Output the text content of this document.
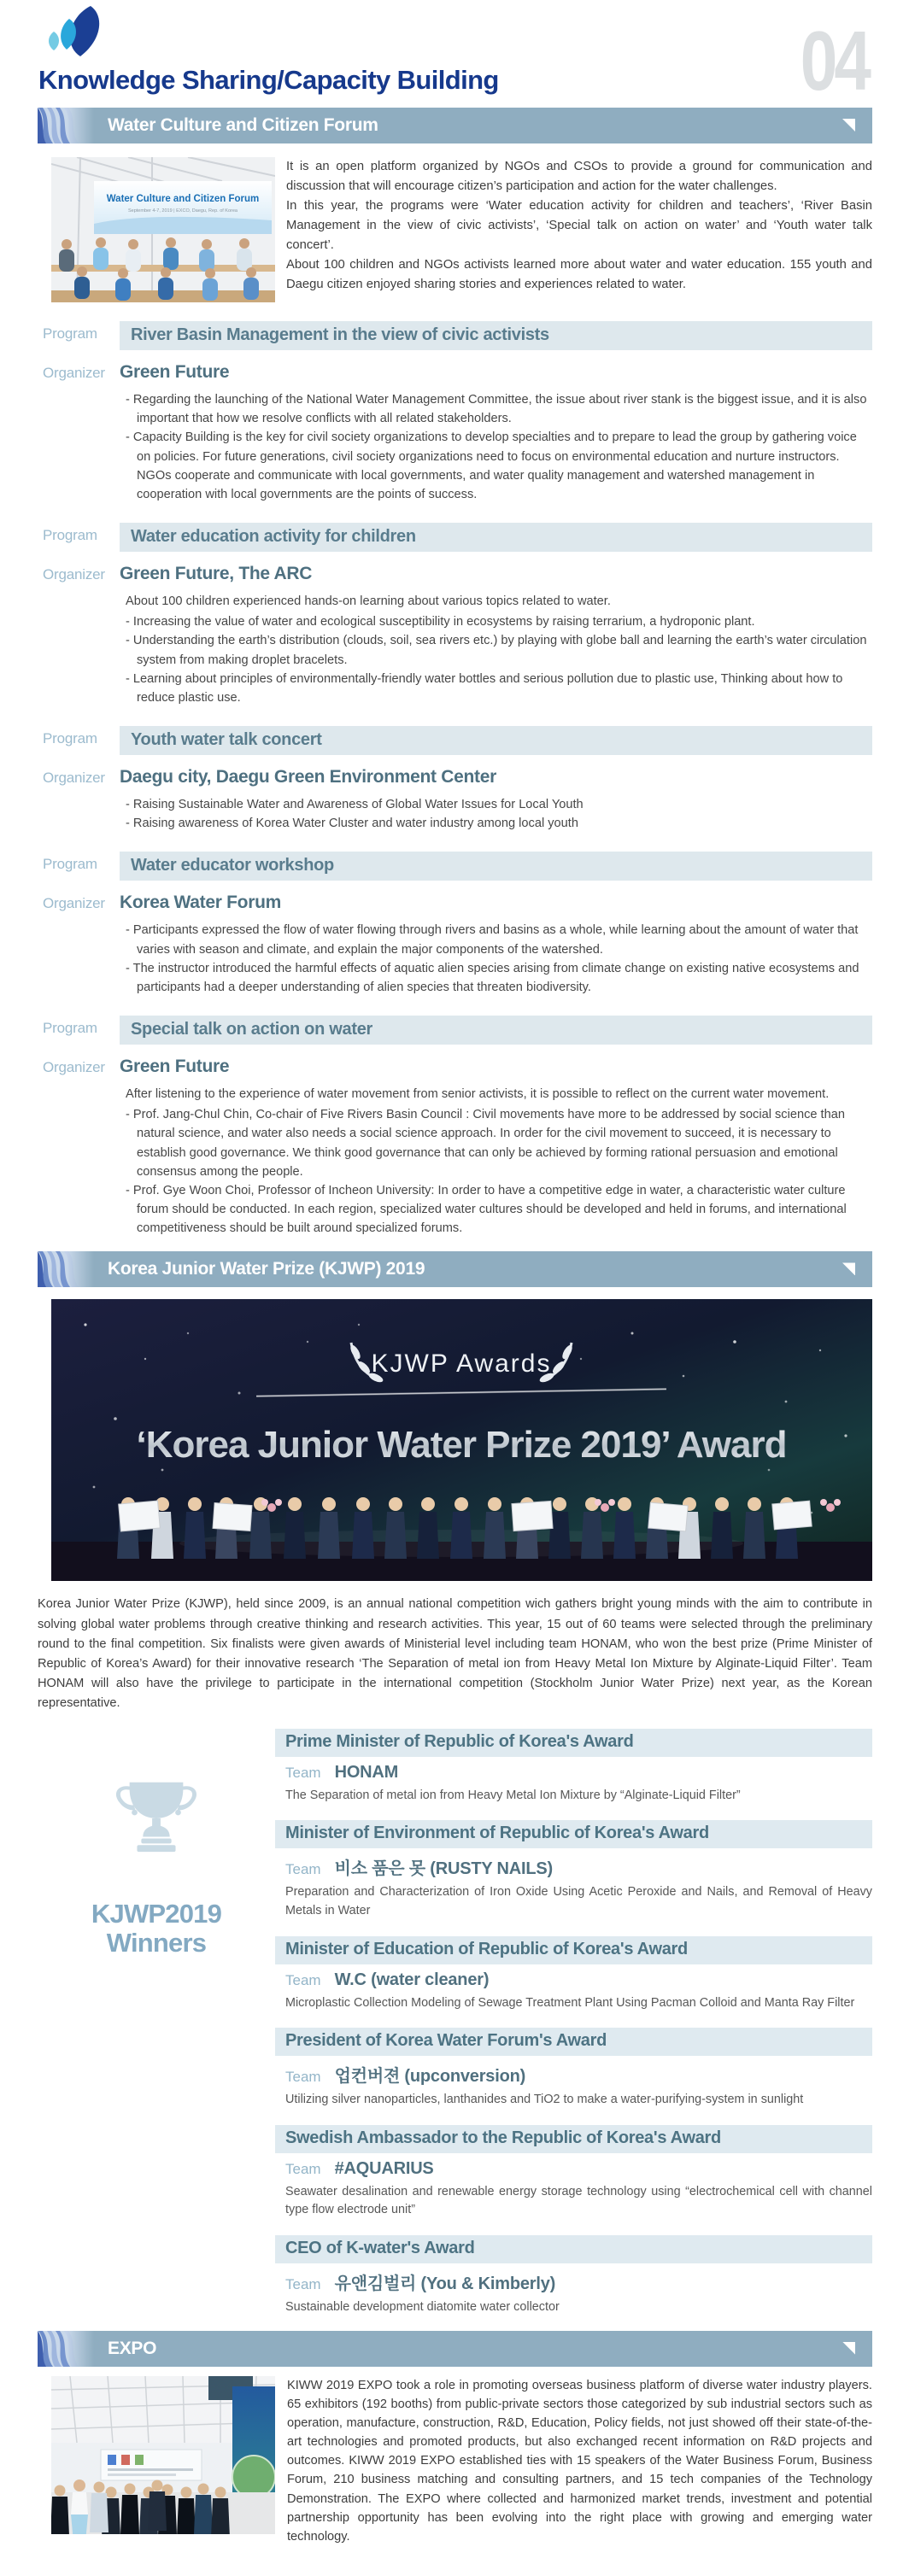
04
Knowledge Sharing/Capacity Building
Water Culture and Citizen Forum
Water Culture and Citizen Forum
September 4-7, 2019 | EXCO, Daegu, Rep. of Korea

It is an open platform organized by NGOs and CSOs to provide a ground for communication and discussion that will encourage citizen’s participation and action for the water challenges.

In this year, the programs were ‘Water education activity for children and teachers’, ‘River Basin Management in the view of civic activists’, ‘Special talk on action on water’ and ‘Youth water talk concert’.

About 100 children and NGOs activists learned more about water and water education. 155 youth and Daegu citizen enjoyed sharing stories and experiences related to water.

Program	River Basin Management in the view of civic activists
Organizer Green Future
- Regarding the launching of the National Water Management Committee, the issue about river stank is the biggest issue, and it is also important that how we resolve conflicts with all related stakeholders.
- Capacity Building is the key for civil society organizations to develop specialties and to prepare to lead the group by gathering voice on policies. For future generations, civil society organizations need to focus on environmental education and nurture instructors. NGOs cooperate and communicate with local governments, and water quality management and watershed management in cooperation with local governments are the points of success.
Program	Water education activity for children
Organizer Green Future, The ARC

About 100 children experienced hands-on learning about various topics related to water.

- Increasing the value of water and ecological susceptibility in ecosystems by raising terrarium, a hydroponic plant.
- Understanding the earth’s distribution (clouds, soil, sea rivers etc.) by playing with globe ball and learning the earth’s water circulation system from making droplet bracelets.
- Learning about principles of environmentally-friendly water bottles and serious pollution due to plastic use, Thinking about how to reduce plastic use.
Program	Youth water talk concert
Organizer Daegu city, Daegu Green Environment Center
- Raising Sustainable Water and Awareness of Global Water Issues for Local Youth
- Raising awareness of Korea Water Cluster and water industry among local youth
Program	Water educator workshop
Organizer Korea Water Forum
- Participants expressed the flow of water flowing through rivers and basins as a whole, while learning about the amount of water that varies with season and climate, and explain the major components of the watershed.
- The instructor introduced the harmful effects of aquatic alien species arising from climate change on existing native ecosystems and participants had a deeper understanding of alien species that threaten biodiversity.
Program	Special talk on action on water
Organizer Green Future

After listening to the experience of water movement from senior activists, it is possible to reflect on the current water movement.

- Prof. Jang-Chul Chin, Co-chair of Five Rivers Basin Council : Civil movements have more to be addressed by social science than natural science, and water also needs a social science approach. In order for the civil movement to succeed, it is necessary to establish good governance. We think good governance that can only be achieved by forming rational persuasion and emotional consensus among the people.
- Prof. Gye Woon Choi, Professor of Incheon University: In order to have a competitive edge in water, a characteristic water culture forum should be conducted. In each region, specialized water cultures should be developed and held in forums, and international competitiveness should be built around specialized forums.
Korea Junior Water Prize (KJWP) 2019
KJWP Awards
‘Korea Junior Water Prize 2019’ Award
Korea Junior Water Prize (KJWP), held since 2009, is an annual national competition wich gathers bright young minds with the aim to contribute in solving global water problems through creative thinking and research activities. This year, 15 out of 60 teams were selected through the preliminary round to the final competition. Six finalists were given awards of Ministerial level including team HONAM, who won the best prize (Prime Minister of Republic of Korea’s Award) for their innovative research ‘The Separation of metal ion from Heavy Metal Ion Mixture by Alginate-Liquid Filter’. Team HONAM will also have the privilege to participate in the international competition (Stockholm Junior Water Prize) next year, as the Korean representative.
KJWP2019
Winners
Prime Minister of Republic of Korea's Award
Team HONAM
The Separation of metal ion from Heavy Metal Ion Mixture by “Alginate-Liquid Filter”
Minister of Environment of Republic of Korea's Award
Team 비소 품은 못 (RUSTY NAILS)
Preparation and Characterization of Iron Oxide Using Acetic Peroxide and Nails, and Removal of Heavy Metals in Water
Minister of Education of Republic of Korea's Award
Team W.C (water cleaner)
Microplastic Collection Modeling of Sewage Treatment Plant Using Pacman Colloid and Manta Ray Filter
President of Korea Water Forum's Award
Team 업컨버젼 (upconversion)
Utilizing silver nanoparticles, lanthanides and TiO2 to make a water-purifying-system in sunlight
Swedish Ambassador to the Republic of Korea's Award
Team #AQUARIUS
Seawater desalination and renewable energy storage technology using “electrochemical cell with channel type flow electrode unit”
CEO of K-water's Award
Team 유앤김벌리 (You & Kimberly)
Sustainable development diatomite water collector
EXPO
KIWW 2019 EXPO took a role in promoting overseas business platform of diverse water industry players. 65 exhibitors (192 booths) from public-private sectors those categorized by sub industrial sectors such as operation, manufacture, construction, R&D, Education, Policy fields, not just showed off their state-of-the-art technologies and promoted products, but also exchanged recent information on R&D projects and outcomes. KIWW 2019 EXPO established ties with 15 speakers of the Water Business Forum, Business Forum, 210 business matching and consulting partners, and 15 tech companies of the Technology Demonstration. The EXPO where collected and harmonized market trends, investment and potential partnership opportunity has been evolving into the right place with growing and emerging water technology.
